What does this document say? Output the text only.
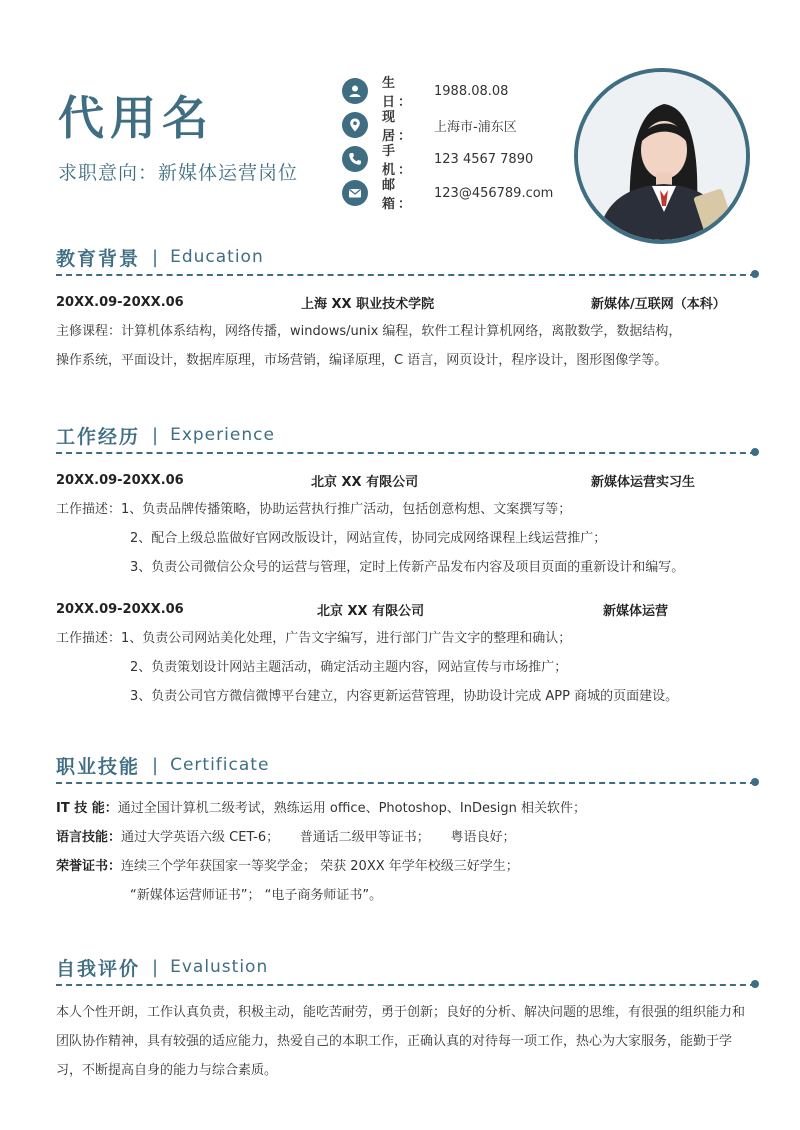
代用名
求职意向：新媒体运营岗位
生 日：
1988.08.08
现 居：
上海市-浦东区
手 机：
123 4567 7890
邮 箱：
123@456789.com
教育背景 | Education
20XX.09-20XX.06	上海 XX 职业技术学院	新媒体/互联网（本科）
主修课程：计算机体系结构，网络传播，windows/unix 编程，软件工程计算机网络，离散数学，数据结构，
操作系统，平面设计，数据库原理，市场营销，编译原理，C 语言，网页设计，程序设计，图形图像学等。
工作经历 | Experience
20XX.09-20XX.06	北京 XX 有限公司	新媒体运营实习生
工作描述：1、负责品牌传播策略，协助运营执行推广活动，包括创意构想、文案撰写等；
2、配合上级总监做好官网改版设计，网站宣传，协同完成网络课程上线运营推广；
3、负责公司微信公众号的运营与管理，定时上传新产品发布内容及项目页面的重新设计和编写。
20XX.09-20XX.06	北京 XX 有限公司	新媒体运营
工作描述：1、负责公司网站美化处理，广告文字编写，进行部门广告文字的整理和确认；
2、负责策划设计网站主题活动，确定活动主题内容，网站宣传与市场推广；
3、负责公司官方微信微博平台建立，内容更新运营管理，协助设计完成 APP 商城的页面建设。
职业技能 | Certificate
IT 技 能：通过全国计算机二级考试，熟练运用 office、Photoshop、InDesign 相关软件；
语言技能：通过大学英语六级 CET-6；     普通话二级甲等证书；     粤语良好；
荣誉证书：连续三个学年获国家一等奖学金； 荣获 20XX 年学年校级三好学生；
“新媒体运营师证书”； “电子商务师证书”。
自我评价 | Evalustion
本人个性开朗，工作认真负责，积极主动，能吃苦耐劳，勇于创新；良好的分析、解决问题的思维，有很强的组织能力和团队协作精神，具有较强的适应能力，热爱自己的本职工作，正确认真的对待每一项工作，热心为大家服务，能勤于学习，不断提高自身的能力与综合素质。
